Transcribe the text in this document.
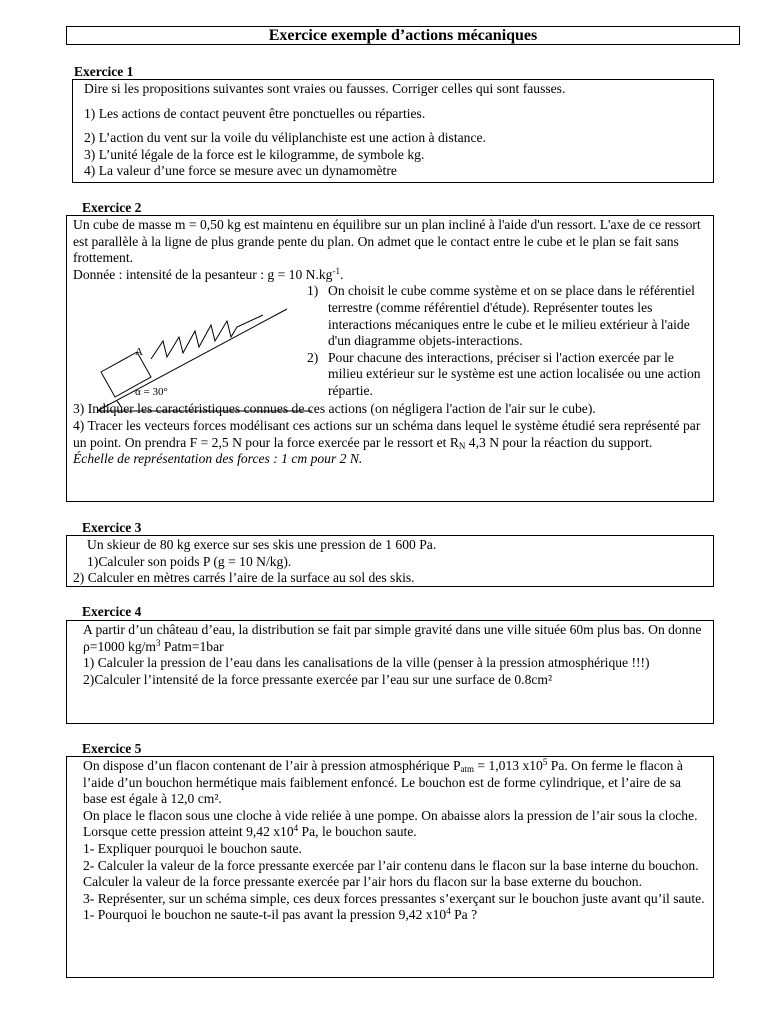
Exercice exemple d’actions mécaniques
Exercice 1

Dire si les propositions suivantes sont vraies ou fausses. Corriger celles qui sont fausses.

1) Les actions de contact peuvent être ponctuelles ou réparties.

2) L’action du vent sur la voile du véliplanchiste est une action à distance.

3) L’unité légale de la force est le kilogramme, de symbole kg.

4) La valeur d’une force se mesure avec un dynamomètre

Exercice 2

Un cube de masse m = 0,50 kg est maintenu en équilibre sur un plan incliné à l'aide d'un ressort. L'axe de ce ressort est parallèle à la ligne de plus grande pente du plan. On admet que le contact entre le cube et le plan se fait sans frottement.

Donnée : intensité de la pesanteur : g = 10 $N.kg^{-1}$.

A
α = 30°
1) On choisit le cube comme système et on se place dans le référentiel terrestre (comme référentiel d'étude). Représenter toutes les interactions mécaniques entre le cube et le milieu extérieur à l'aide d'un diagramme objets-interactions.
2) Pour chacune des interactions, préciser si l'action exercée par le milieu extérieur sur le système est une action localisée ou une action répartie.

3) Indiquer les caractéristiques connues de ces actions (on négligera l'action de l'air sur le cube).

4) Tracer les vecteurs forces modélisant ces actions sur un schéma dans lequel le système étudié sera représenté par un point. On prendra F = 2,5 N pour la force exercée par le ressort et $R_N$ 4,3 N pour la réaction du support.

Échelle de représentation des forces : 1 cm pour 2 N.

Exercice 3

Un skieur de 80 kg exerce sur ses skis une pression de 1 600 Pa.

1)Calculer son poids P (g = 10 N/kg).

2) Calculer en mètres carrés l’aire de la surface au sol des skis.

Exercice 4

A partir d’un château d’eau, la distribution se fait par simple gravité dans une ville située 60m plus bas. On donne ρ=1000 $kg/m^3$ Patm=1bar

1) Calculer la pression de l’eau dans les canalisations de la ville (penser à la pression atmosphérique !!!)

2)Calculer l’intensité de la force pressante exercée par l’eau sur une surface de 0.8cm²

Exercice 5

On dispose d’un flacon contenant de l’air à pression atmosphérique $P_{atm} = 1,013$ $x10^5$ Pa. On ferme le flacon à l’aide d’un bouchon hermétique mais faiblement enfoncé. Le bouchon est de forme cylindrique, et l’aire de sa base est égale à 12,0 cm².

On place le flacon sous une cloche à vide reliée à une pompe. On abaisse alors la pression de l’air sous la cloche. Lorsque cette pression atteint 9,42 $x10^4$ Pa, le bouchon saute.

1- Expliquer pourquoi le bouchon saute.

2- Calculer la valeur de la force pressante exercée par l’air contenu dans le flacon sur la base interne du bouchon. Calculer la valeur de la force pressante exercée par l’air hors du flacon sur la base externe du bouchon.

3- Représenter, sur un schéma simple, ces deux forces pressantes s’exerçant sur le bouchon juste avant qu’il saute.

1- Pourquoi le bouchon ne saute-t-il pas avant la pression 9,42 $x10^4$ Pa ?
